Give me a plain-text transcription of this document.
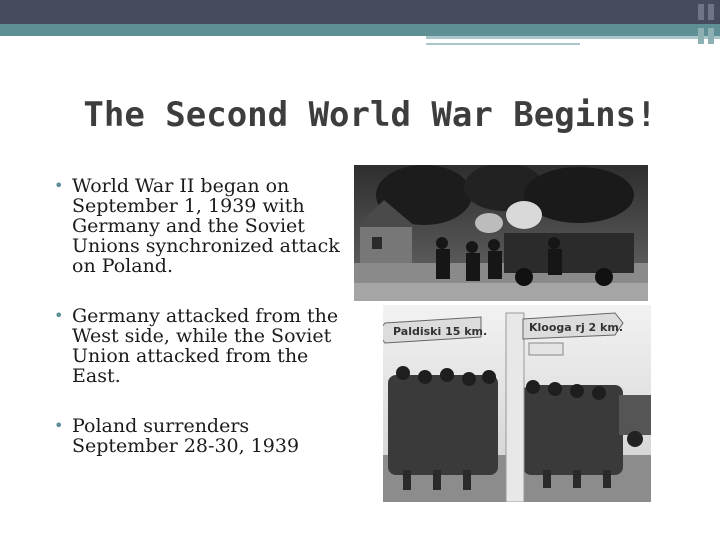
The Second World War Begins!
• World War II began on September 1, 1939 with Germany and the Soviet Unions synchronized attack on Poland.
• Germany attacked from the West side, while the Soviet Union attacked from the East.
• Poland surrenders September 28-30, 1939
Paldiski 15 km.	Klooga rj 2 km.
